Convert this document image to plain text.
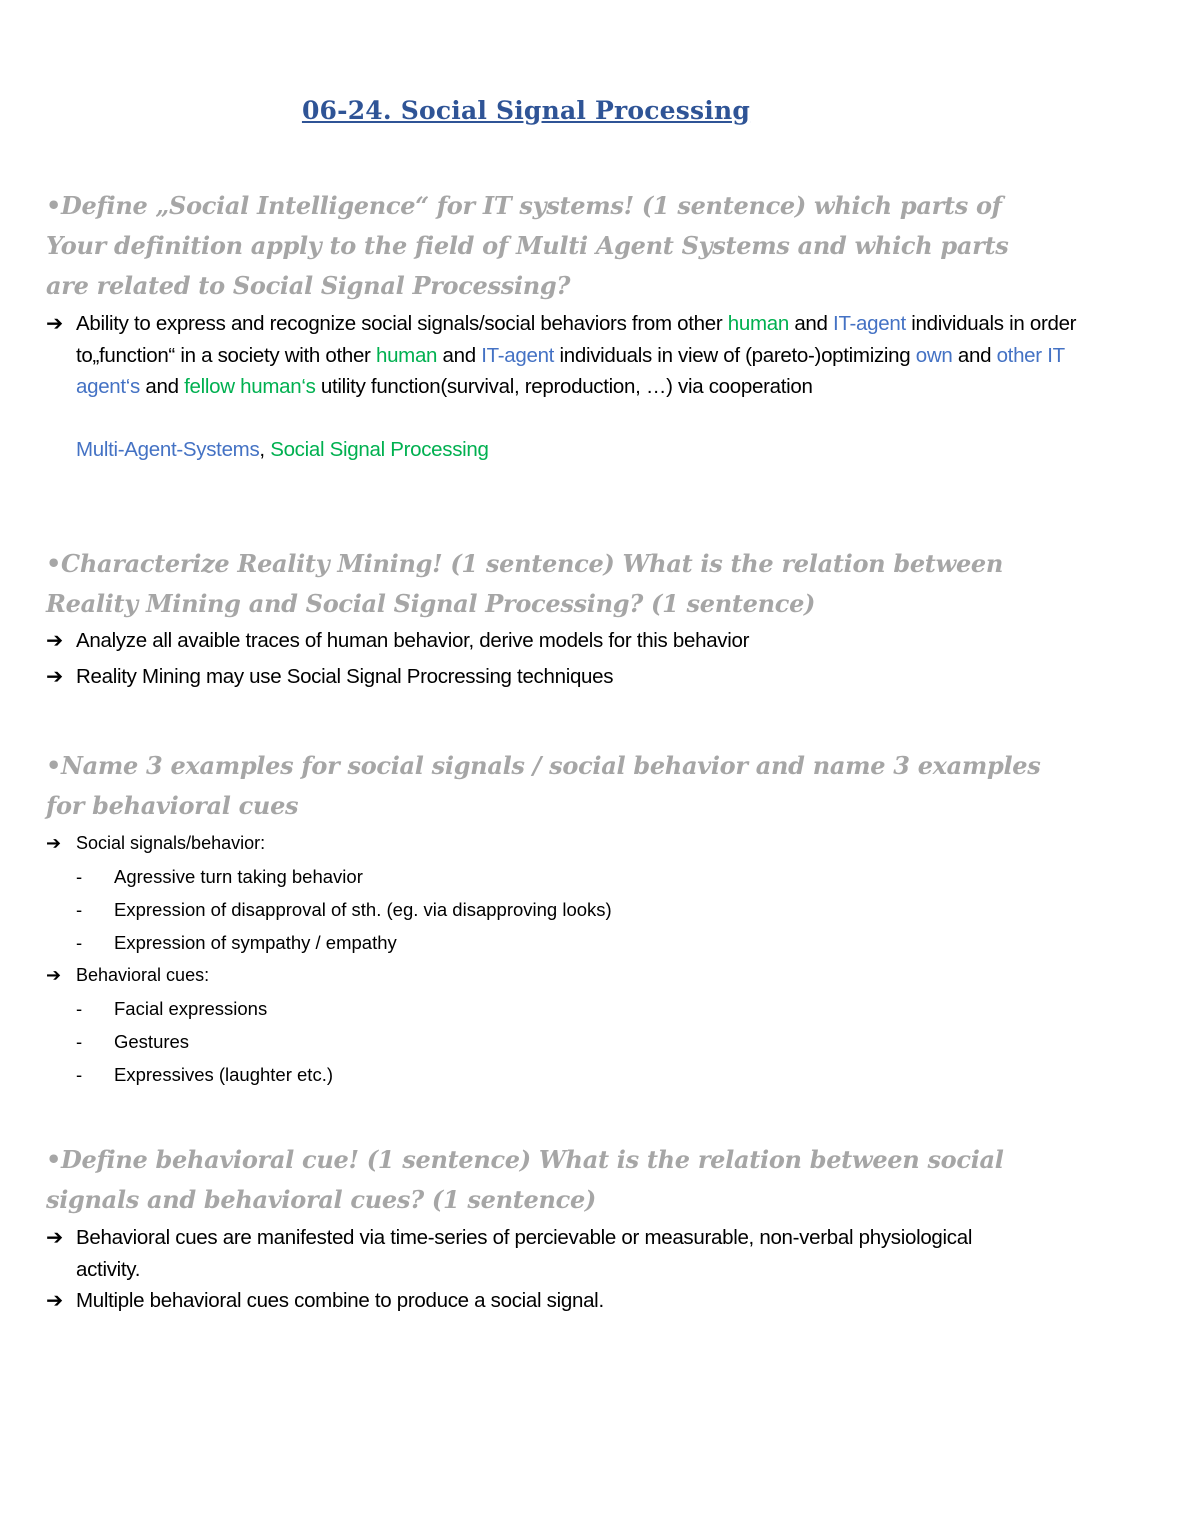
06-24. Social Signal Processing

•Define „Social Intelligence“ for IT systems! (1 sentence) which parts of Your definition apply to the field of Multi Agent Systems and which parts are related to Social Signal Processing?

➔ Ability to express and recognize social signals/social behaviors from other human and IT-agent individuals in order to„function“ in a society with other human and IT-agent individuals in view of (pareto-)optimizing own and other IT agent‘s and fellow human‘s utility function(survival, reproduction, …) via cooperation
Multi-Agent-Systems, Social Signal Processing

•Characterize Reality Mining! (1 sentence) What is the relation between Reality Mining and Social Signal Processing? (1 sentence)

➔ Analyze all avaible traces of human behavior, derive models for this behavior
➔ Reality Mining may use Social Signal Procressing techniques

•Name 3 examples for social signals / social behavior and name 3 examples for behavioral cues

➔ Social signals/behavior:
- Agressive turn taking behavior
- Expression of disapproval of sth. (eg. via disapproving looks)
- Expression of sympathy / empathy
➔ Behavioral cues:
- Facial expressions
- Gestures
- Expressives (laughter etc.)

•Define behavioral cue! (1 sentence) What is the relation between social signals and behavioral cues? (1 sentence)

➔ Behavioral cues are manifested via time-series of percievable or measurable, non-verbal physiological activity.
➔ Multiple behavioral cues combine to produce a social signal.
